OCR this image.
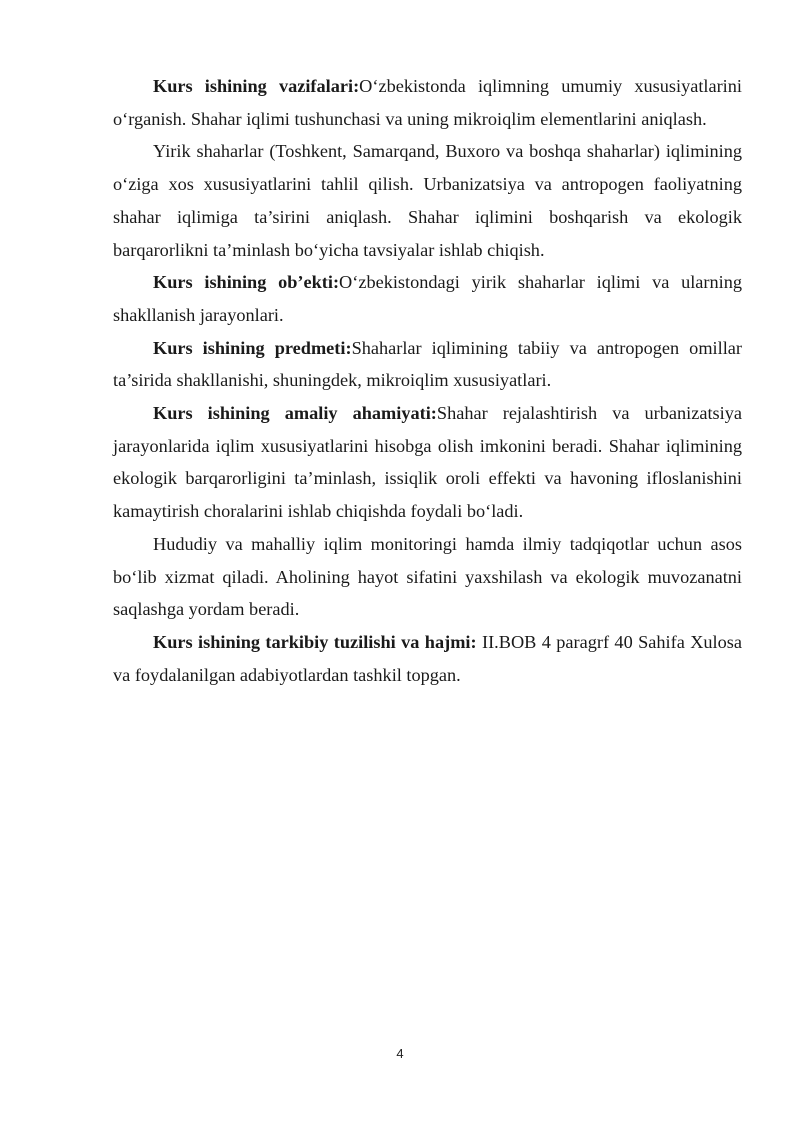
Kurs ishining vazifalari:O‘zbekistonda iqlimning umumiy xususiyatlarini o‘rganish. Shahar iqlimi tushunchasi va uning mikroiqlim elementlarini aniqlash.

Yirik shaharlar (Toshkent, Samarqand, Buxoro va boshqa shaharlar) iqlimining o‘ziga xos xususiyatlarini tahlil qilish. Urbanizatsiya va antropogen faoliyatning shahar iqlimiga ta’sirini aniqlash. Shahar iqlimini boshqarish va ekologik barqarorlikni ta’minlash bo‘yicha tavsiyalar ishlab chiqish.

Kurs ishining ob’ekti:O‘zbekistondagi yirik shaharlar iqlimi va ularning shakllanish jarayonlari.

Kurs ishining predmeti:Shaharlar iqlimining tabiiy va antropogen omillar ta’sirida shakllanishi, shuningdek, mikroiqlim xususiyatlari.

Kurs ishining amaliy ahamiyati:Shahar rejalashtirish va urbanizatsiya jarayonlarida iqlim xususiyatlarini hisobga olish imkonini beradi. Shahar iqlimining ekologik barqarorligini ta’minlash, issiqlik oroli effekti va havoning ifloslanishini kamaytirish choralarini ishlab chiqishda foydali bo‘ladi.

Hududiy va mahalliy iqlim monitoringi hamda ilmiy tadqiqotlar uchun asos bo‘lib xizmat qiladi. Aholining hayot sifatini yaxshilash va ekologik muvozanatni saqlashga yordam beradi.

Kurs ishining tarkibiy tuzilishi va hajmi: II.BOB 4 paragrf 40 Sahifa Xulosa va foydalanilgan adabiyotlardan tashkil topgan.

4
